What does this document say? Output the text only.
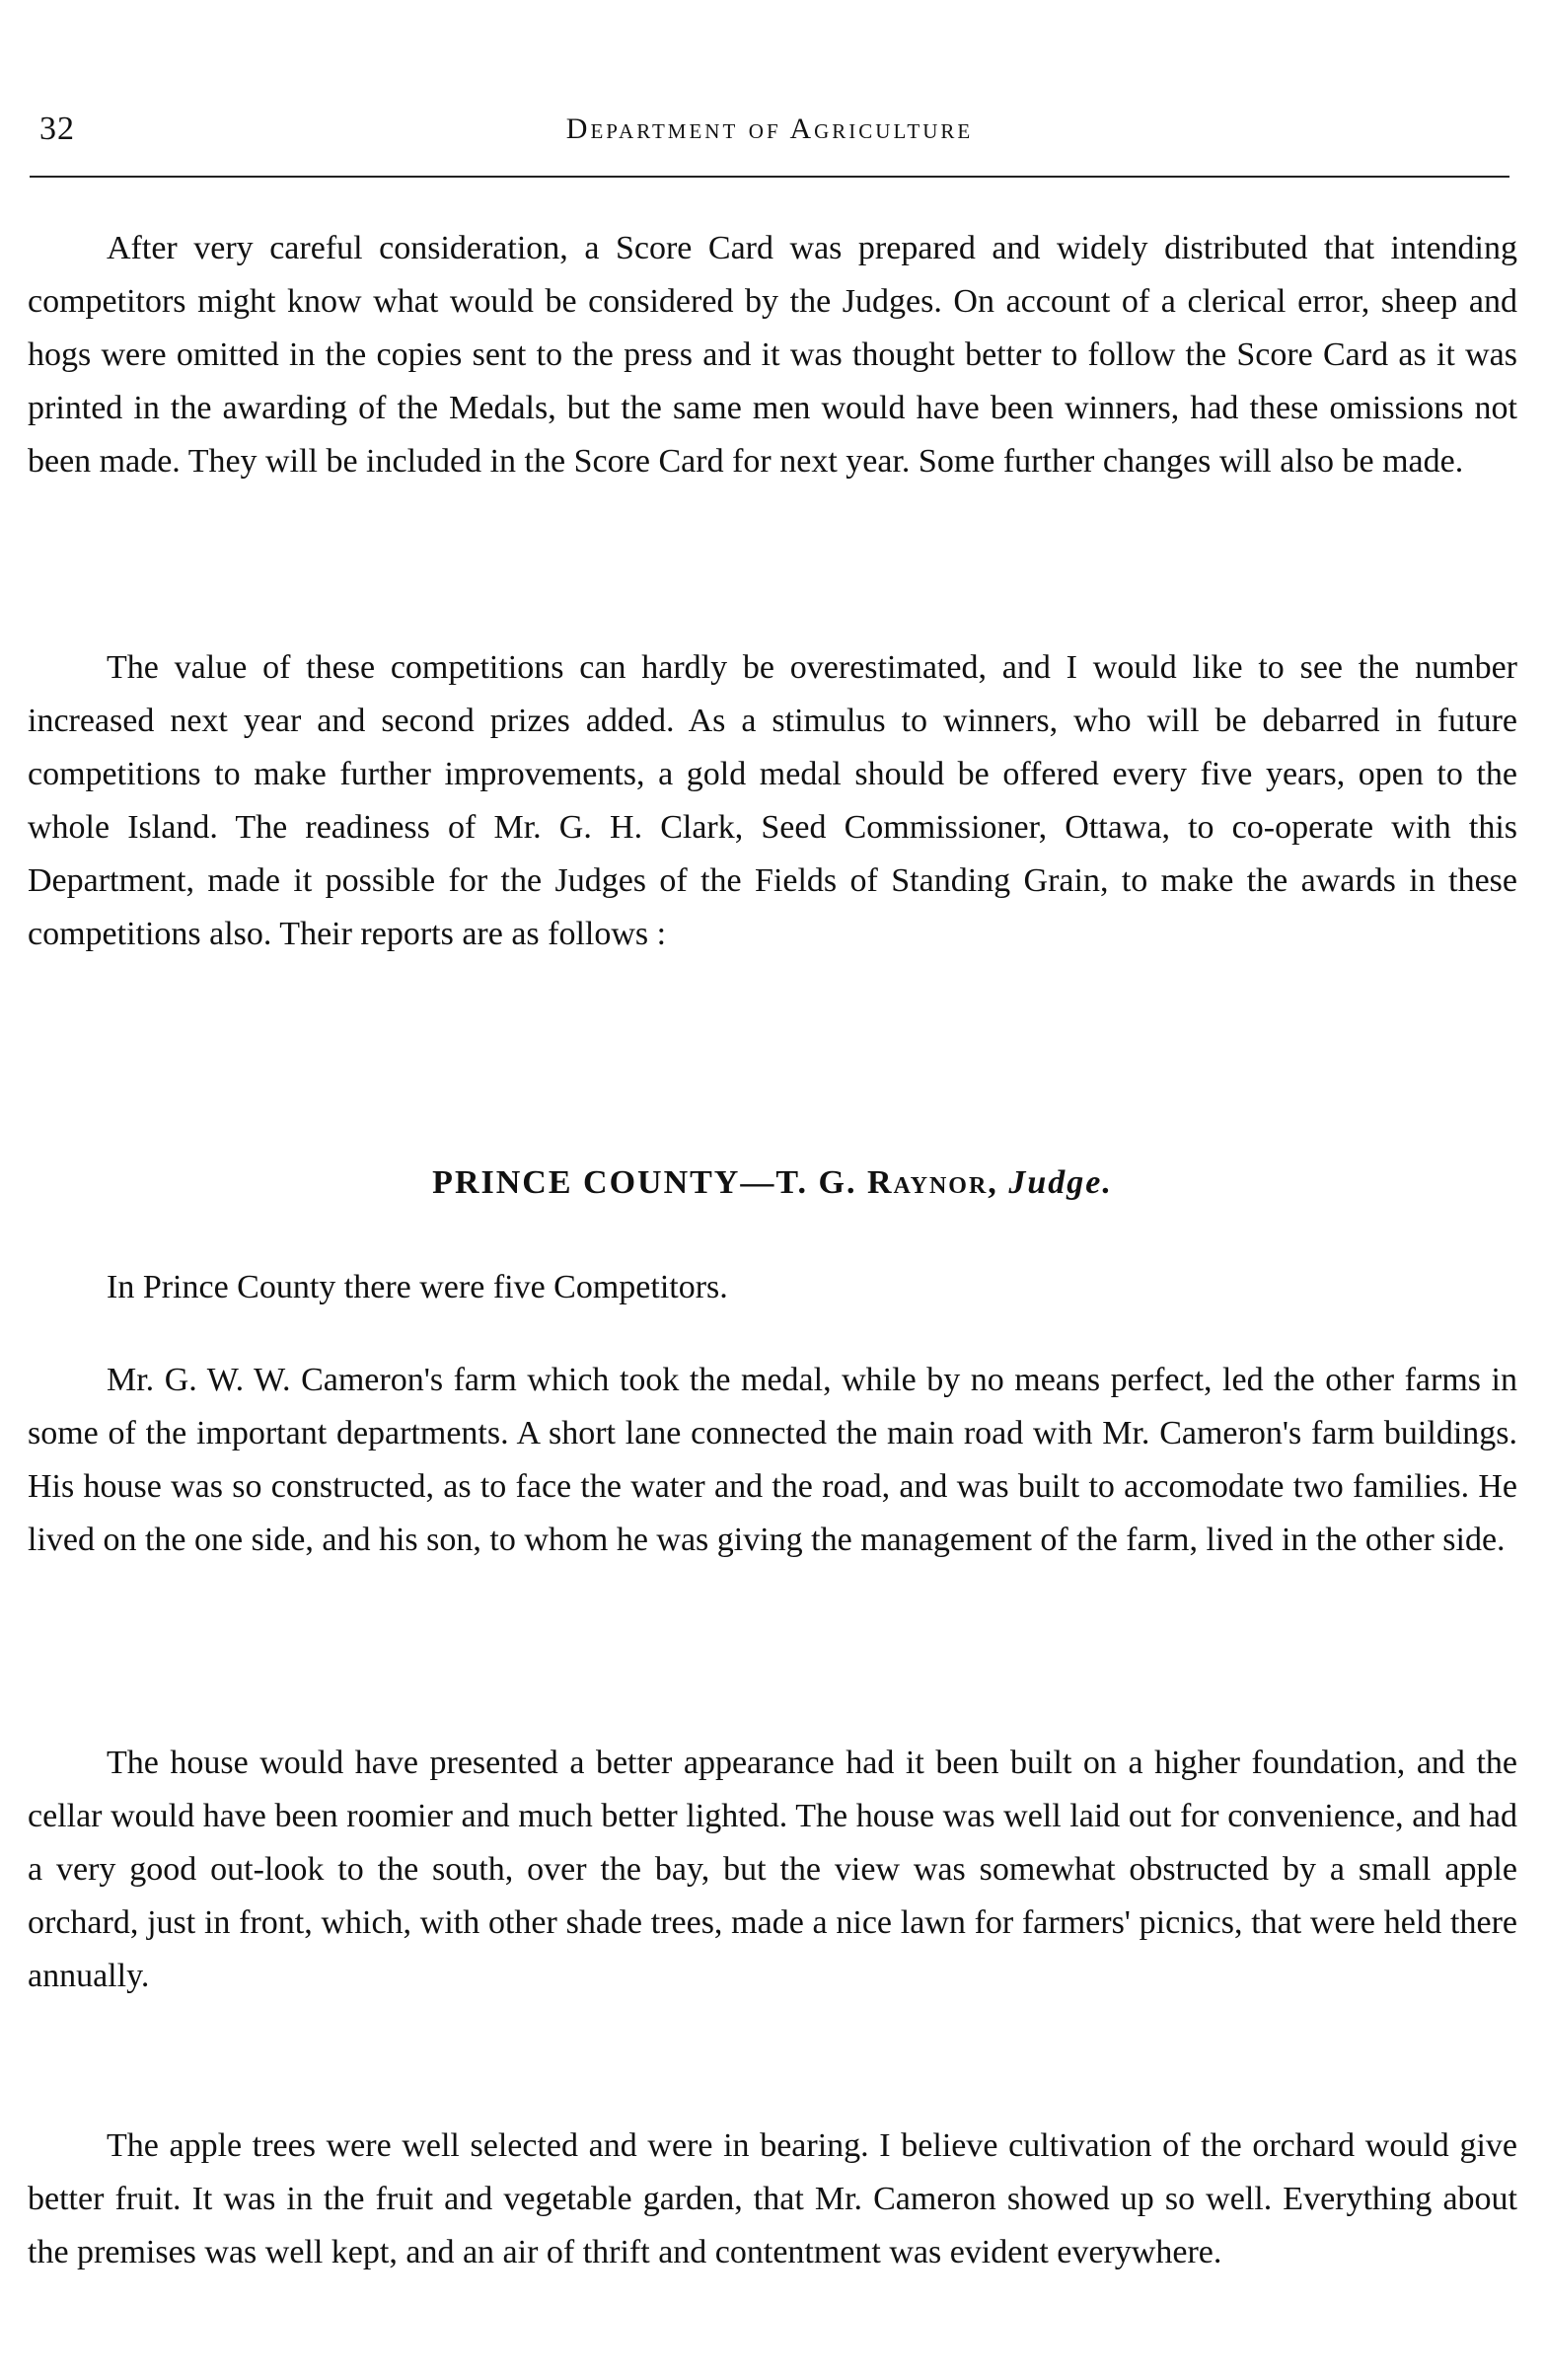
32	Department of Agriculture

After very careful consideration, a Score Card was prepared and widely distributed that intending competitors might know what would be considered by the Judges. On account of a clerical error, sheep and hogs were omitted in the copies sent to the press and it was thought better to follow the Score Card as it was printed in the awarding of the Medals, but the same men would have been winners, had these omissions not been made. They will be included in the Score Card for next year. Some further changes will also be made.

The value of these competitions can hardly be overestimated, and I would like to see the number increased next year and second prizes added. As a stimulus to winners, who will be debarred in future competitions to make further improvements, a gold medal should be offered every five years, open to the whole Island. The readiness of Mr. G. H. Clark, Seed Commissioner, Ottawa, to co-operate with this Department, made it possible for the Judges of the Fields of Standing Grain, to make the awards in these competitions also. Their reports are as follows :

PRINCE COUNTY—T. G. Raynor, Judge.

In Prince County there were five Competitors.

Mr. G. W. W. Cameron's farm which took the medal, while by no means perfect, led the other farms in some of the important departments. A short lane connected the main road with Mr. Cameron's farm buildings. His house was so constructed, as to face the water and the road, and was built to accomodate two families. He lived on the one side, and his son, to whom he was giving the management of the farm, lived in the other side.

The house would have presented a better appearance had it been built on a higher foundation, and the cellar would have been roomier and much better lighted. The house was well laid out for convenience, and had a very good out-look to the south, over the bay, but the view was somewhat obstructed by a small apple orchard, just in front, which, with other shade trees, made a nice lawn for farmers' picnics, that were held there annually.

The apple trees were well selected and were in bearing. I believe cultivation of the orchard would give better fruit. It was in the fruit and vegetable garden, that Mr. Cameron showed up so well. Everything about the premises was well kept, and an air of thrift and contentment was evident everywhere.
